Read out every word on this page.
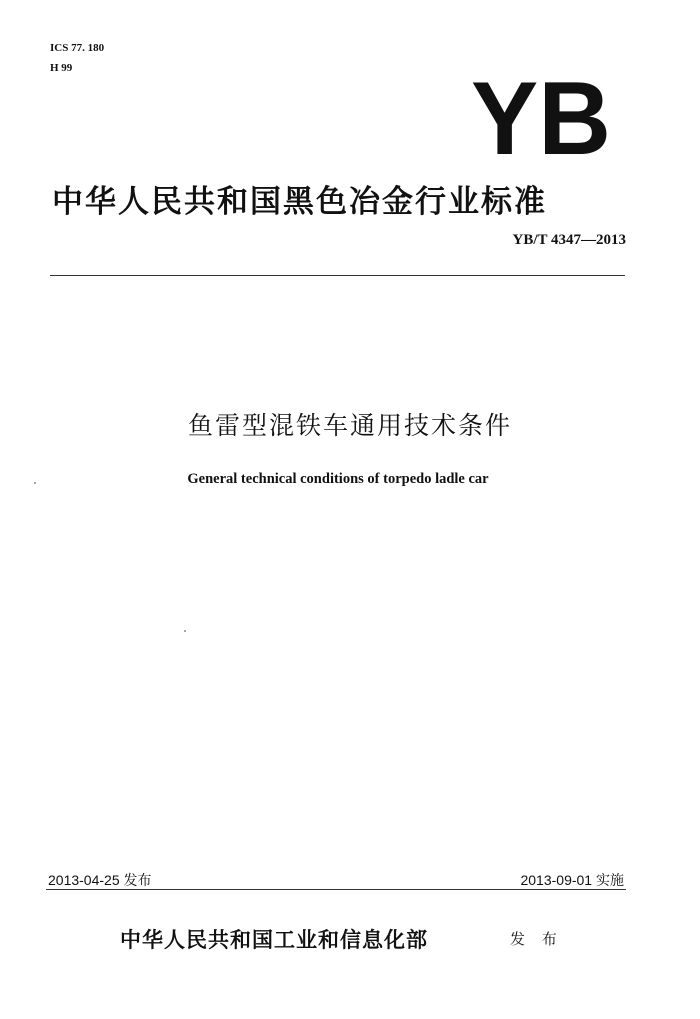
ICS 77. 180
H 99	YB
中华人民共和国黑色冶金行业标准
YB/T 4347—2013
鱼雷型混铁车通用技术条件
General technical conditions of torpedo ladle car
2013-04-25 发布	2013-09-01 实施
中华人民共和国工业和信息化部	发 布
